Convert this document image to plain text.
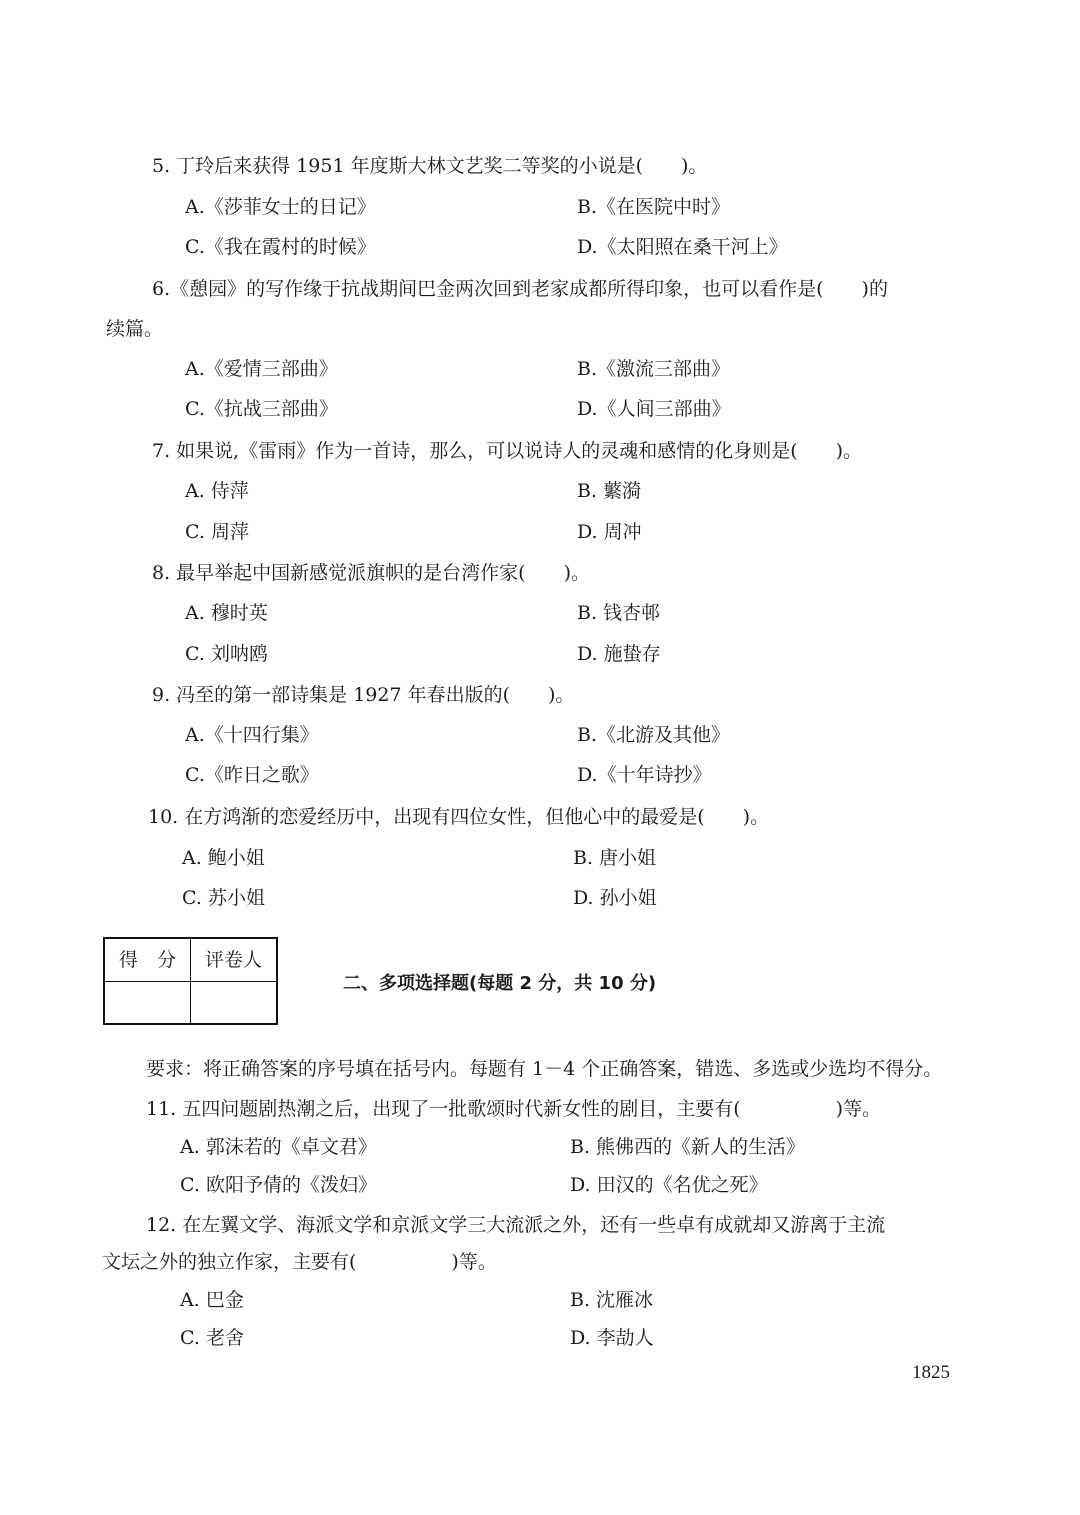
5. 丁玲后来获得 1951 年度斯大林文艺奖二等奖的小说是(　　)。
A.《莎菲女士的日记》	B.《在医院中时》
C.《我在霞村的时候》	D.《太阳照在桑干河上》
6.《憩园》的写作缘于抗战期间巴金两次回到老家成都所得印象，也可以看作是(　　)的
续篇。
A.《爱情三部曲》	B.《激流三部曲》
C.《抗战三部曲》	D.《人间三部曲》
7. 如果说,《雷雨》作为一首诗，那么，可以说诗人的灵魂和感情的化身则是(　　)。
A. 侍萍	B. 蘩漪
C. 周萍	D. 周冲
8. 最早举起中国新感觉派旗帜的是台湾作家(　　)。
A. 穆时英	B. 钱杏邨
C. 刘呐鸥	D. 施蛰存
9. 冯至的第一部诗集是 1927 年春出版的(　　)。
A.《十四行集》	B.《北游及其他》
C.《昨日之歌》	D.《十年诗抄》
10. 在方鸿渐的恋爱经历中，出现有四位女性，但他心中的最爱是(　　)。
A. 鲍小姐	B. 唐小姐
C. 苏小姐	D. 孙小姐
得　分 评卷人
二、多项选择题(每题 2 分，共 10 分)
要求：将正确答案的序号填在括号内。每题有 1－4 个正确答案，错选、多选或少选均不得分。
11. 五四问题剧热潮之后，出现了一批歌颂时代新女性的剧目，主要有(　　　　　)等。
A. 郭沫若的《卓文君》	B. 熊佛西的《新人的生活》
C. 欧阳予倩的《泼妇》	D. 田汉的《名优之死》
12. 在左翼文学、海派文学和京派文学三大流派之外，还有一些卓有成就却又游离于主流
文坛之外的独立作家，主要有(　　　　　)等。
A. 巴金	B. 沈雁冰
C. 老舍	D. 李劼人
1825
